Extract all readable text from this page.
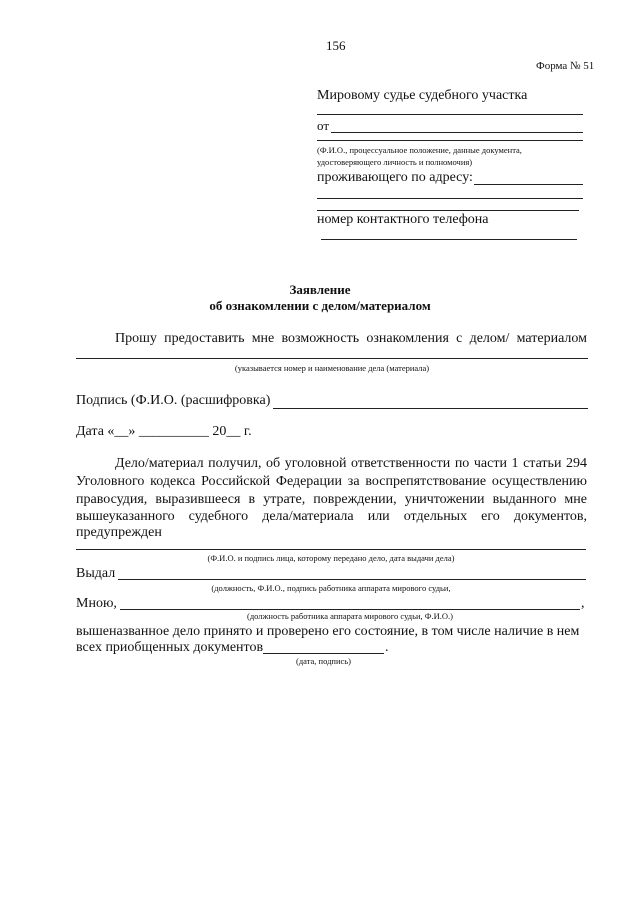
156
Форма № 51
Мировому судье судебного участка
от
(Ф.И.О., процессуальное положение, данные документа, удостоверяющего личность и полномочия)
проживающего по адресу:
номер контактного телефона
Заявление
об ознакомлении с делом/материалом
Прошу предоставить мне возможность ознакомления с делом/ материалом
(указывается номер и наименование дела (материала)
Подпись (Ф.И.О. (расшифровка)
Дата «__» __________ 20__ г.
Дело/материал получил, об уголовной ответственности по части 1 статьи 294
Уголовного кодекса Российской Федерации за воспрепятствование осуществлению
правосудия, выразившееся в утрате, повреждении, уничтожении выданного мне
вышеуказанного судебного дела/материала или отдельных его документов,
предупрежден
(Ф.И.О. и подпись лица, которому передано дело, дата выдачи дела)
Выдал
(должность, Ф.И.О., подпись работника аппарата мирового судьи,
Мною,	,
(должность работника аппарата мирового судьи, Ф.И.О.)
вышеназванное дело принято и проверено его состояние, в том числе наличие в нем
всех приобщенных документов	.
(дата, подпись)
